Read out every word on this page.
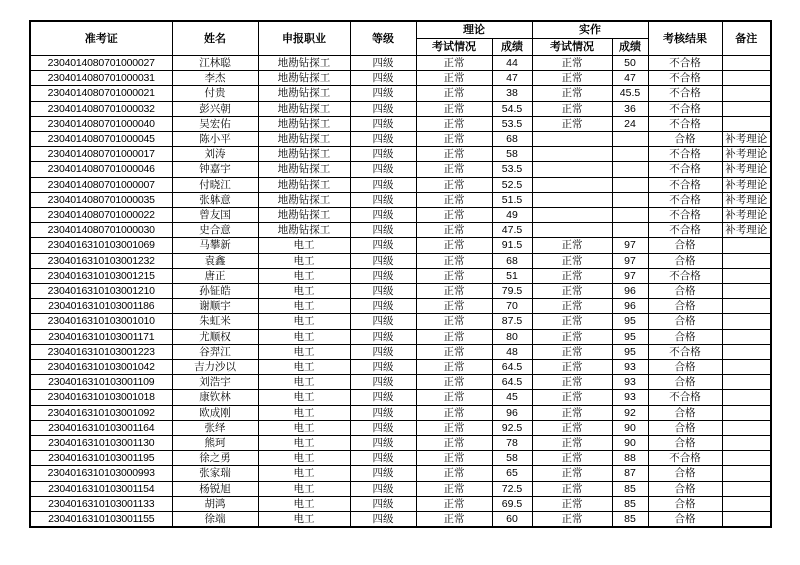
准考证	姓名	申报职业	等级	理论		实作		考核结果	备注
				考试情况	成绩	考试情况	成绩		
2304014080701000027	江林聪	地勘钻探工	四级	正常	44	正常	50	不合格	
2304014080701000031	李杰	地勘钻探工	四级	正常	47	正常	47	不合格	
2304014080701000021	付贵	地勘钻探工	四级	正常	38	正常	45.5	不合格	
2304014080701000032	彭兴朝	地勘钻探工	四级	正常	54.5	正常	36	不合格	
2304014080701000040	吴宏佑	地勘钻探工	四级	正常	53.5	正常	24	不合格	
2304014080701000045	陈小平	地勘钻探工	四级	正常	68			合格	补考理论
2304014080701000017	刘涛	地勘钻探工	四级	正常	58			不合格	补考理论
2304014080701000046	钟嘉宇	地勘钻探工	四级	正常	53.5			不合格	补考理论
2304014080701000007	付晓江	地勘钻探工	四级	正常	52.5			不合格	补考理论
2304014080701000035	张躰意	地勘钻探工	四级	正常	51.5			不合格	补考理论
2304014080701000022	曾友国	地勘钻探工	四级	正常	49			不合格	补考理论
2304014080701000030	史合意	地勘钻探工	四级	正常	47.5			不合格	补考理论
2304016310103001069	马攀新	电工	四级	正常	91.5	正常	97	合格	
2304016310103001232	袁鑫	电工	四级	正常	68	正常	97	合格	
2304016310103001215	唐正	电工	四级	正常	51	正常	97	不合格	
2304016310103001210	孙钲皓	电工	四级	正常	79.5	正常	96	合格	
2304016310103001186	谢顺宇	电工	四级	正常	70	正常	96	合格	
2304016310103001010	朱虹米	电工	四级	正常	87.5	正常	95	合格	
2304016310103001171	尤顺权	电工	四级	正常	80	正常	95	合格	
2304016310103001223	谷羿江	电工	四级	正常	48	正常	95	不合格	
2304016310103001042	吉力沙以	电工	四级	正常	64.5	正常	93	合格	
2304016310103001109	刘浩宇	电工	四级	正常	64.5	正常	93	合格	
2304016310103001018	康钦林	电工	四级	正常	45	正常	93	不合格	
2304016310103001092	欧成刚	电工	四级	正常	96	正常	92	合格	
2304016310103001164	张绎	电工	四级	正常	92.5	正常	90	合格	
2304016310103001130	熊珂	电工	四级	正常	78	正常	90	合格	
2304016310103001195	徐之勇	电工	四级	正常	58	正常	88	不合格	
2304016310103000993	张家瑞	电工	四级	正常	65	正常	87	合格	
2304016310103001154	杨锐旭	电工	四级	正常	72.5	正常	85	合格	
2304016310103001133	胡鸿	电工	四级	正常	69.5	正常	85	合格	
2304016310103001155	徐端	电工	四级	正常	60	正常	85	合格	
